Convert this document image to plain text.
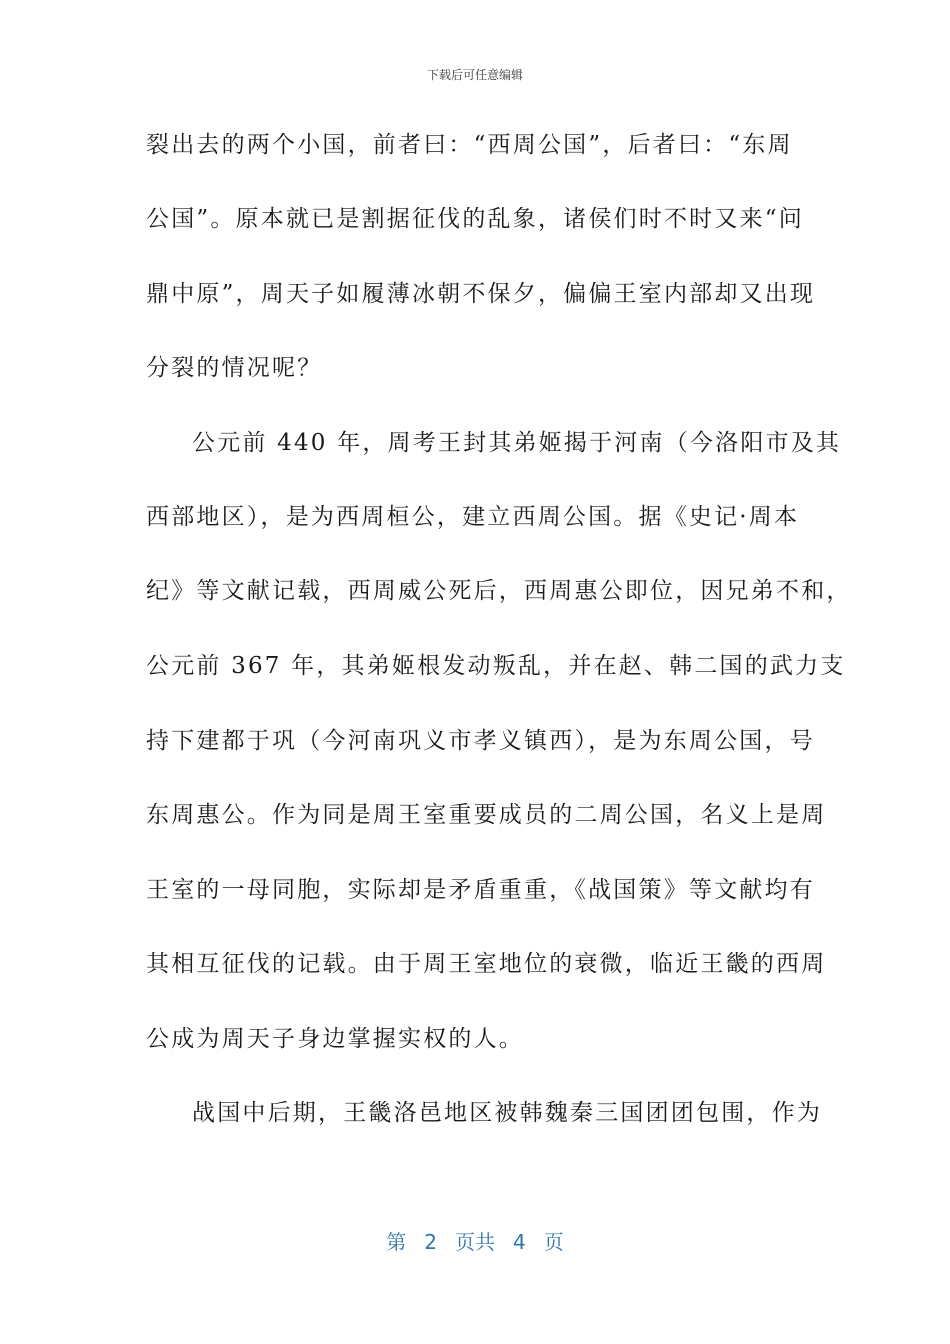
下载后可任意编辑
裂出去的两个小国，前者曰：“西周公国”，后者曰：“东周
公国”。原本就已是割据征伐的乱象，诸侯们时不时又来“问
鼎中原”，周天子如履薄冰朝不保夕，偏偏王室内部却又出现
分裂的情况呢？
公元前 440 年，周考王封其弟姬揭于河南（今洛阳市及其
西部地区），是为西周桓公，建立西周公国。据《史记·周本
纪》等文献记载，西周威公死后，西周惠公即位，因兄弟不和，
公元前 367 年，其弟姬根发动叛乱，并在赵、韩二国的武力支
持下建都于巩（今河南巩义市孝义镇西），是为东周公国，号
东周惠公。作为同是周王室重要成员的二周公国，名义上是周
王室的一母同胞，实际却是矛盾重重，《战国策》等文献均有
其相互征伐的记载。由于周王室地位的衰微，临近王畿的西周
公成为周天子身边掌握实权的人。
战国中后期，王畿洛邑地区被韩魏秦三国团团包围，作为
第 2 页共 4 页
